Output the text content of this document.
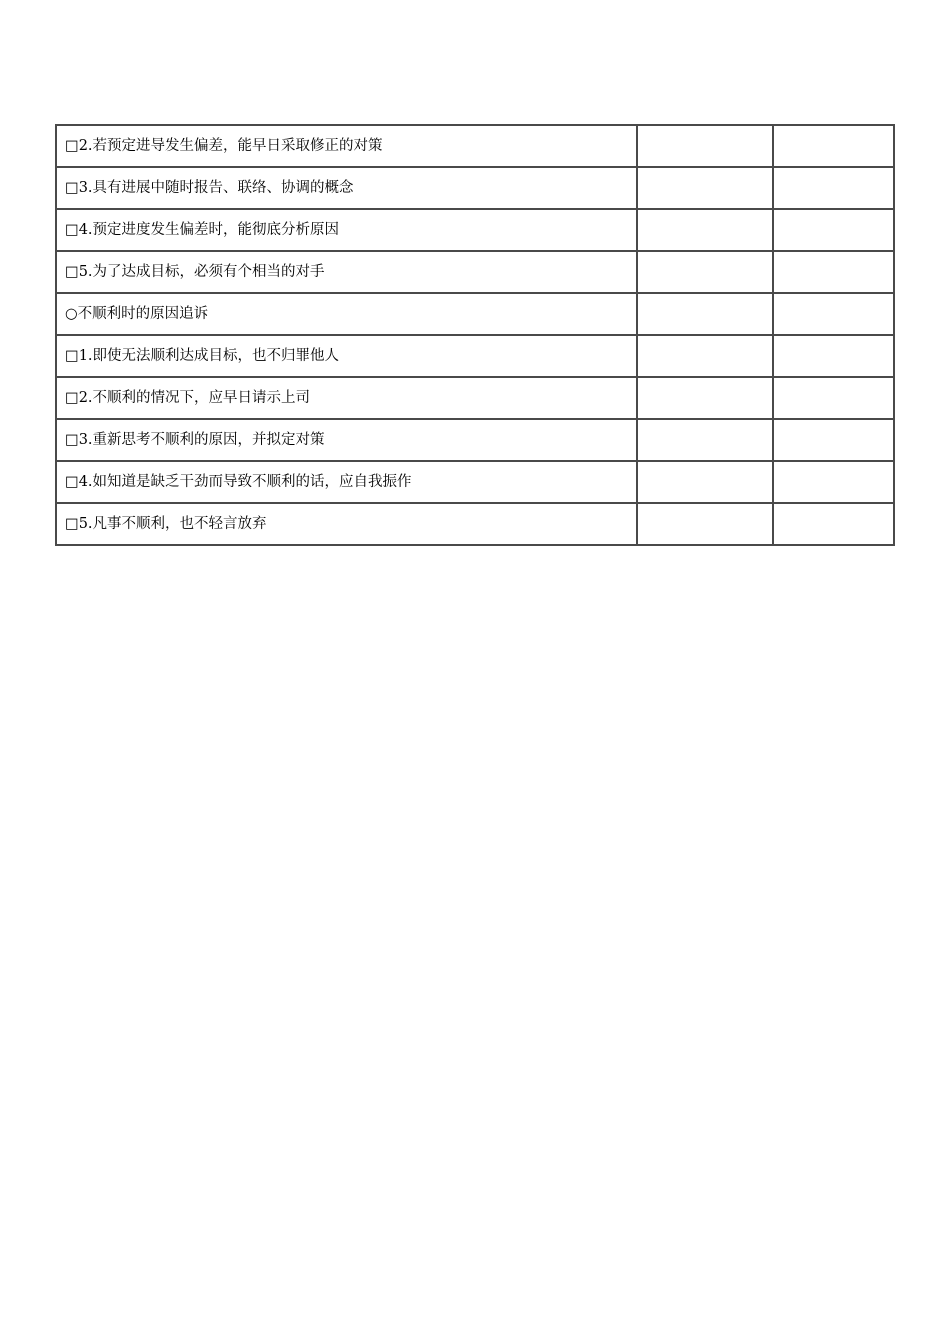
□2.若预定进导发生偏差，能早日采取修正的对策		
□3.具有进展中随时报告、联络、协调的概念		
□4.预定进度发生偏差时，能彻底分析原因		
□5.为了达成目标，必须有个相当的对手		
○不顺利时的原因追诉		
□1.即使无法顺利达成目标，也不归罪他人		
□2.不顺利的情况下，应早日请示上司		
□3.重新思考不顺利的原因，并拟定对策		
□4.如知道是缺乏干劲而导致不顺利的话，应自我振作		
□5.凡事不顺利，也不轻言放弃		
